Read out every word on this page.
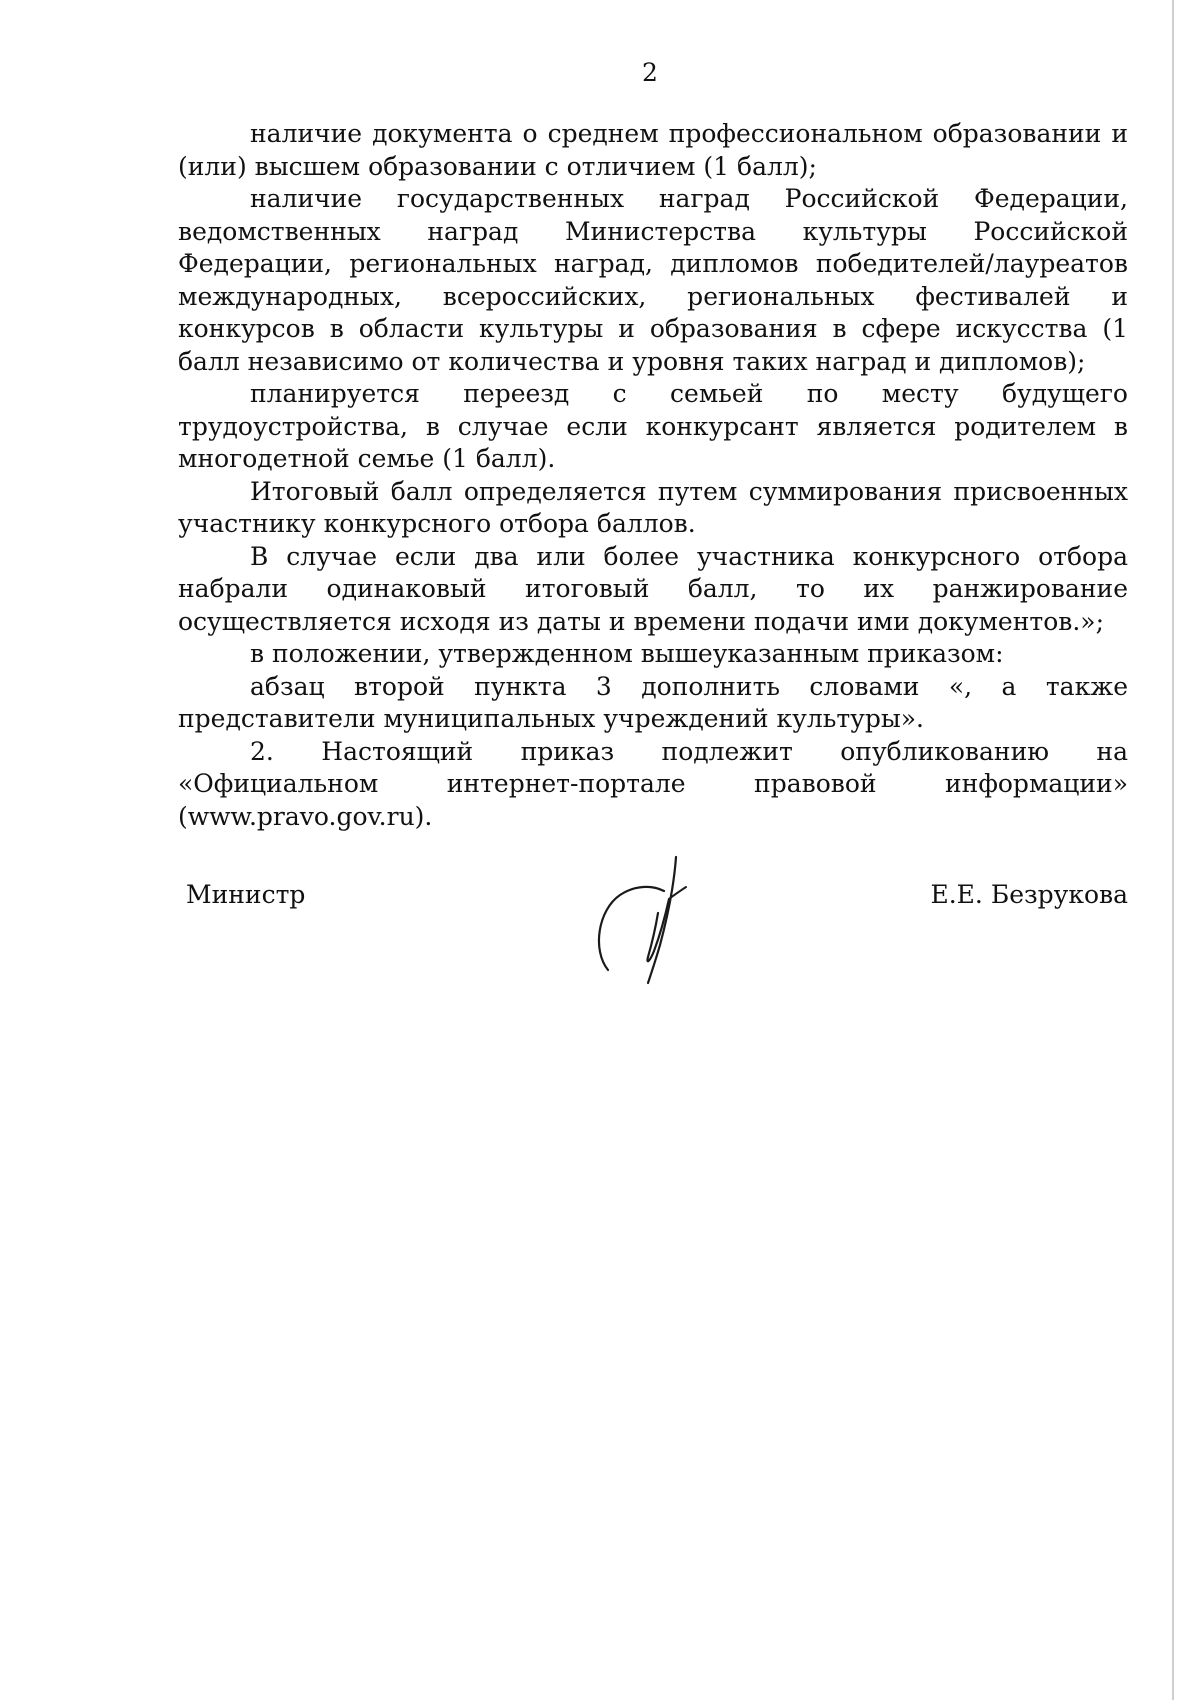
2

наличие документа о среднем профессиональном образовании и (или) высшем образовании с отличием (1 балл);

наличие государственных наград Российской Федерации, ведомственных наград Министерства культуры Российской Федерации, региональных наград, дипломов победителей/лауреатов международных, всероссийских, региональных фестивалей и конкурсов в области культуры и образования в сфере искусства (1 балл независимо от количества и уровня таких наград и дипломов);

планируется переезд с семьей по месту будущего трудоустройства, в случае если конкурсант является родителем в многодетной семье (1 балл).

Итоговый балл определяется путем суммирования присвоенных участнику конкурсного отбора баллов.

В случае если два или более участника конкурсного отбора набрали одинаковый итоговый балл, то их ранжирование осуществляется исходя из даты и времени подачи ими документов.»;

в положении, утвержденном вышеуказанным приказом:

абзац второй пункта 3 дополнить словами «, а также представители муниципальных учреждений культуры».

2. Настоящий приказ подлежит опубликованию на «Официальном интернет-портале правовой информации» (www.pravo.gov.ru).

Министр	Е.Е. Безрукова
